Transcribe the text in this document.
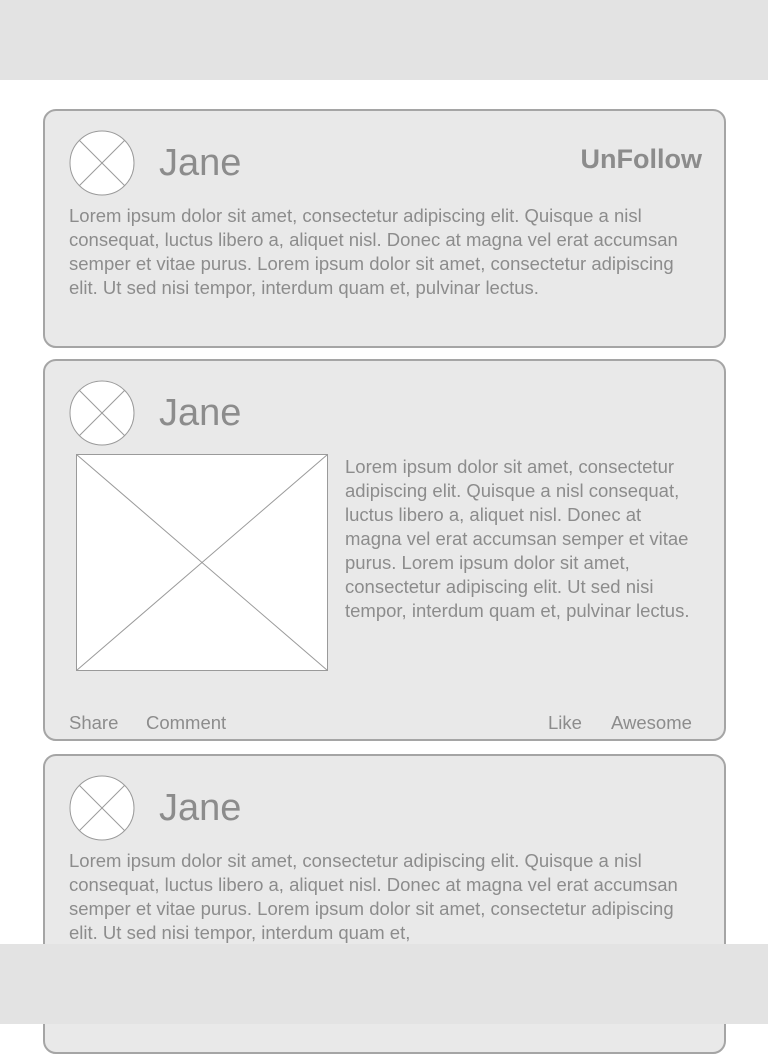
Jane	UnFollow
Lorem ipsum dolor sit amet, consectetur adipiscing elit. Quisque a nisl consequat, luctus libero a, aliquet nisl. Donec at magna vel erat accumsan semper et vitae purus. Lorem ipsum dolor sit amet, consectetur adipiscing elit. Ut sed nisi tempor, interdum quam et, pulvinar lectus.
Jane
Lorem ipsum dolor sit amet, consectetur adipiscing elit. Quisque a nisl consequat, luctus libero a, aliquet nisl. Donec at magna vel erat accumsan semper et vitae purus. Lorem ipsum dolor sit amet, consectetur adipiscing elit. Ut sed nisi tempor, interdum quam et, pulvinar lectus.
Share Comment	Like Awesome
Jane
Lorem ipsum dolor sit amet, consectetur adipiscing elit. Quisque a nisl consequat, luctus libero a, aliquet nisl. Donec at magna vel erat accumsan semper et vitae purus. Lorem ipsum dolor sit amet, consectetur adipiscing elit. Ut sed nisi tempor, interdum quam et,
